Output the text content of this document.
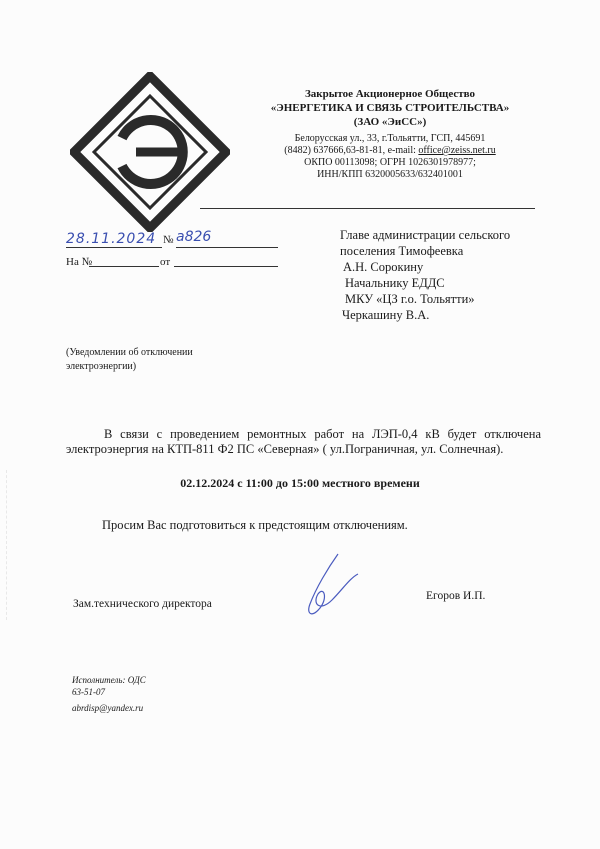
Закрытое Акционерное Общество
«ЭНЕРГЕТИКА И СВЯЗЬ СТРОИТЕЛЬСТВА»
(ЗАО «ЭиСС»)
Белорусская ул., 33, г.Тольятти, ГСП, 445691
(8482) 637666,63-81-81, e-mail: office@zeiss.net.ru
ОКПО 00113098; ОГРН 1026301978977;
ИНН/КПП 6320005633/632401001
28.11.2024 № а826
На №	от
Главе администрации сельского
поселения Тимофеевка
А.Н. Сорокину
Начальнику ЕДДС
МКУ «ЦЗ г.о. Тольятти»
Черкашину В.А.
(Уведомлении об отключении электроэнергии)
В связи с проведением ремонтных работ на ЛЭП-0,4 кВ будет отключена электроэнергия на КТП-811 Ф2 ПС «Северная» ( ул.Пограничная, ул. Солнечная).
02.12.2024 с 11:00 до 15:00 местного времени
Просим Вас подготовиться к предстоящим отключениям.
Зам.технического директора
Егоров И.П.
Исполнитель: ОДС
63-51-07
abrdisp@yandex.ru
